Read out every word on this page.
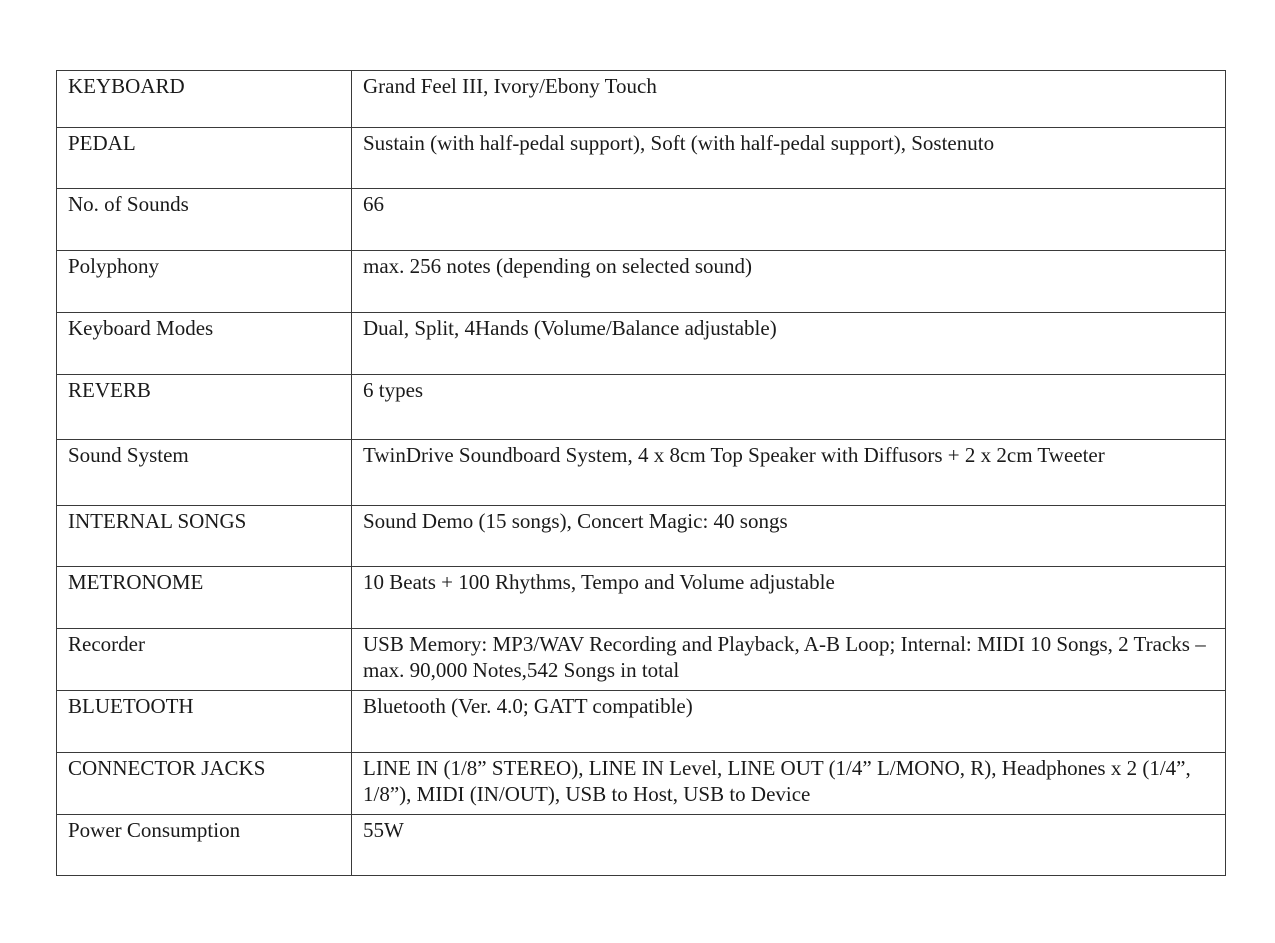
KEYBOARD	Grand Feel III, Ivory/Ebony Touch
PEDAL	Sustain (with half-pedal support), Soft (with half-pedal support), Sostenuto
No. of Sounds	66
Polyphony	max. 256 notes (depending on selected sound)
Keyboard Modes	Dual, Split, 4Hands (Volume/Balance adjustable)
REVERB	6 types
Sound System	TwinDrive Soundboard System, 4 x 8cm Top Speaker with Diffusors + 2 x 2cm Tweeter
INTERNAL SONGS	Sound Demo (15 songs), Concert Magic: 40 songs
METRONOME	10 Beats + 100 Rhythms, Tempo and Volume adjustable
Recorder	USB Memory: MP3/WAV Recording and Playback, A-B Loop; Internal: MIDI 10 Songs, 2 Tracks – max. 90,000 Notes,542 Songs in total
BLUETOOTH	Bluetooth (Ver. 4.0; GATT compatible)
CONNECTOR JACKS	LINE IN (1/8” STEREO), LINE IN Level, LINE OUT (1/4” L/MONO, R), Headphones x 2 (1/4”, 1/8”), MIDI (IN/OUT), USB to Host, USB to Device
Power Consumption	55W
